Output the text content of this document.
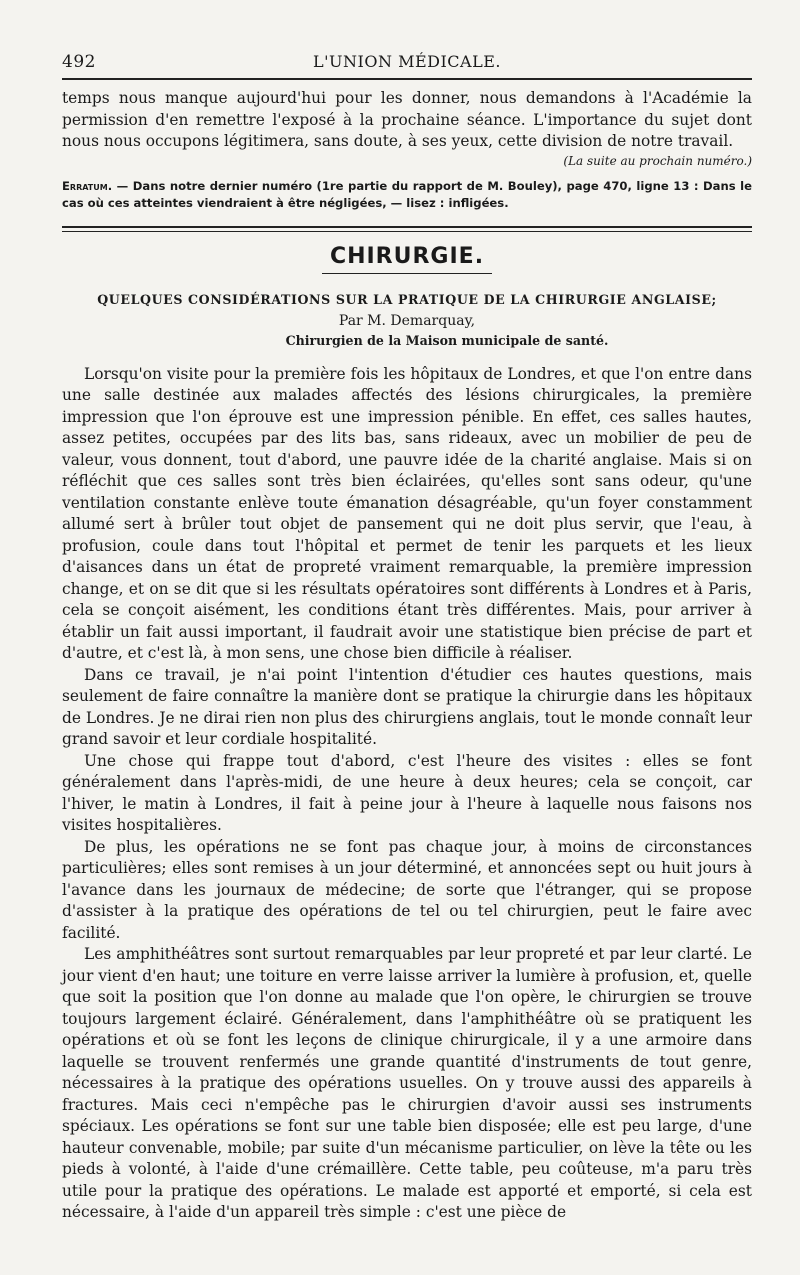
492	L'UNION MÉDICALE.

temps nous manque aujourd'hui pour les donner, nous demandons à l'Académie la permission d'en remettre l'exposé à la prochaine séance. L'importance du sujet dont nous nous occupons légitimera, sans doute, à ses yeux, cette division de notre travail.

(La suite au prochain numéro.)

Erratum. — Dans notre dernier numéro (1re partie du rapport de M. Bouley), page 470, ligne 13 : Dans le cas où ces atteintes viendraient à être négligées, — lisez : infligées.

CHIRURGIE.
QUELQUES CONSIDÉRATIONS SUR LA PRATIQUE DE LA CHIRURGIE ANGLAISE;
Par M. Demarquay,
Chirurgien de la Maison municipale de santé.

Lorsqu'on visite pour la première fois les hôpitaux de Londres, et que l'on entre dans une salle destinée aux malades affectés des lésions chirurgicales, la première impression que l'on éprouve est une impression pénible. En effet, ces salles hautes, assez petites, occupées par des lits bas, sans rideaux, avec un mobilier de peu de valeur, vous donnent, tout d'abord, une pauvre idée de la charité anglaise. Mais si on réfléchit que ces salles sont très bien éclairées, qu'elles sont sans odeur, qu'une ventilation constante enlève toute émanation désagréable, qu'un foyer constamment allumé sert à brûler tout objet de pansement qui ne doit plus servir, que l'eau, à profusion, coule dans tout l'hôpital et permet de tenir les parquets et les lieux d'aisances dans un état de propreté vraiment remarquable, la première impression change, et on se dit que si les résultats opératoires sont différents à Londres et à Paris, cela se conçoit aisément, les conditions étant très différentes. Mais, pour arriver à établir un fait aussi important, il faudrait avoir une statistique bien précise de part et d'autre, et c'est là, à mon sens, une chose bien difficile à réaliser.

Dans ce travail, je n'ai point l'intention d'étudier ces hautes questions, mais seulement de faire connaître la manière dont se pratique la chirurgie dans les hôpitaux de Londres. Je ne dirai rien non plus des chirurgiens anglais, tout le monde connaît leur grand savoir et leur cordiale hospitalité.

Une chose qui frappe tout d'abord, c'est l'heure des visites : elles se font généralement dans l'après-midi, de une heure à deux heures; cela se conçoit, car l'hiver, le matin à Londres, il fait à peine jour à l'heure à laquelle nous faisons nos visites hospitalières.

De plus, les opérations ne se font pas chaque jour, à moins de circonstances particulières; elles sont remises à un jour déterminé, et annoncées sept ou huit jours à l'avance dans les journaux de médecine; de sorte que l'étranger, qui se propose d'assister à la pratique des opérations de tel ou tel chirurgien, peut le faire avec facilité.

Les amphithéâtres sont surtout remarquables par leur propreté et par leur clarté. Le jour vient d'en haut; une toiture en verre laisse arriver la lumière à profusion, et, quelle que soit la position que l'on donne au malade que l'on opère, le chirurgien se trouve toujours largement éclairé. Généralement, dans l'amphithéâtre où se pratiquent les opérations et où se font les leçons de clinique chirurgicale, il y a une armoire dans laquelle se trouvent renfermés une grande quantité d'instruments de tout genre, nécessaires à la pratique des opérations usuelles. On y trouve aussi des appareils à fractures. Mais ceci n'empêche pas le chirurgien d'avoir aussi ses instruments spéciaux. Les opérations se font sur une table bien disposée; elle est peu large, d'une hauteur convenable, mobile; par suite d'un mécanisme particulier, on lève la tête ou les pieds à volonté, à l'aide d'une crémaillère. Cette table, peu coûteuse, m'a paru très utile pour la pratique des opérations. Le malade est apporté et emporté, si cela est nécessaire, à l'aide d'un appareil très simple : c'est une pièce de
